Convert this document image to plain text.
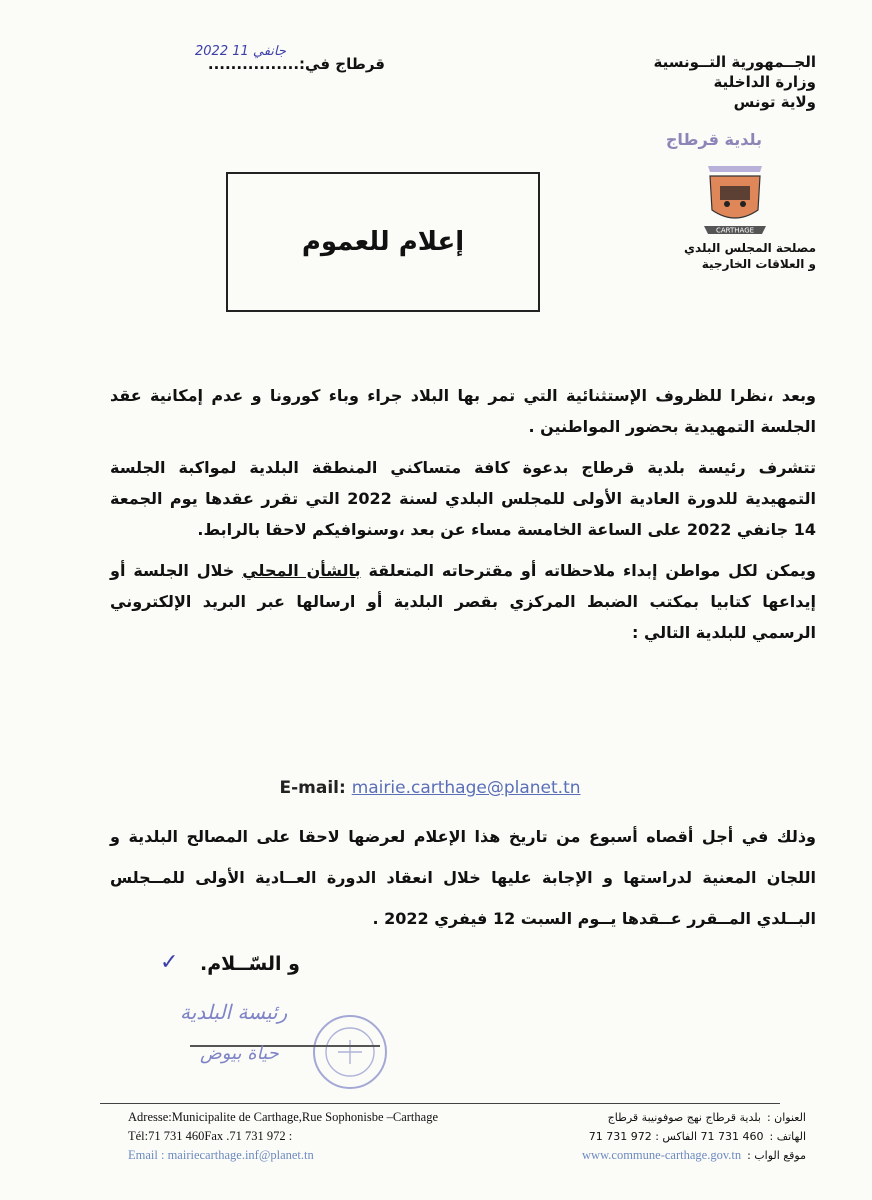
الجــمهورية التــونسية
وزارة الداخلية
ولاية تونس
بلدية قرطاج
CARTHAGE
مصلحة المجلس البلدي
و العلاقات الخارجية
قرطاج في:................
2022 11 جانفي
إعلام للعموم
وبعد ،نظرا للظروف الإستثنائية التي تمر بها البلاد جراء وباء كورونا و عدم إمكانية عقد الجلسة التمهيدية بحضور المواطنين .
تتشرف رئيسة بلدية قرطاج بدعوة كافة متساكني المنطقة البلدية لمواكبة الجلسة التمهيدية للدورة العادية الأولى للمجلس البلدي لسنة 2022 التي تقرر عقدها يوم الجمعة 14 جانفي 2022 على الساعة الخامسة مساء عن بعد ،وسنوافيكم لاحقا بالرابط.
ويمكن لكل مواطن إبداء ملاحظاته أو مقترحاته المتعلقة بالشأن المحلي خلال الجلسة أو إيداعها كتابيا بمكتب الضبط المركزي بقصر البلدية أو ارسالها عبر البريد الإلكتروني الرسمي للبلدية التالي :
E-mail: mairie.carthage@planet.tn
وذلك في أجل أقصاه أسبوع من تاريخ هذا الإعلام لعرضها لاحقا على المصالح البلدية و اللجان المعنية لدراستها و الإجابة عليها خلال انعقاد الدورة العــادية الأولى للمــجلس البــلدي المــقرر عــقدها يــوم السبت 12 فيفري 2022 .
و السّــلام.
✓
رئيسة البلدية
حياة بيوض
Adresse:Municipalite de Carthage,Rue Sophonisbe –Carthage
Tél:71 731 460Fax .71 731 972 :
Email : mairiecarthage.inf@planet.tn
العنوان :
بلدية قرطاج نهج صوفونيبة قرطاج
الهاتف :
460 731 71 الفاكس : 972 731 71
موقع الواب :
www.commune-carthage.gov.tn
